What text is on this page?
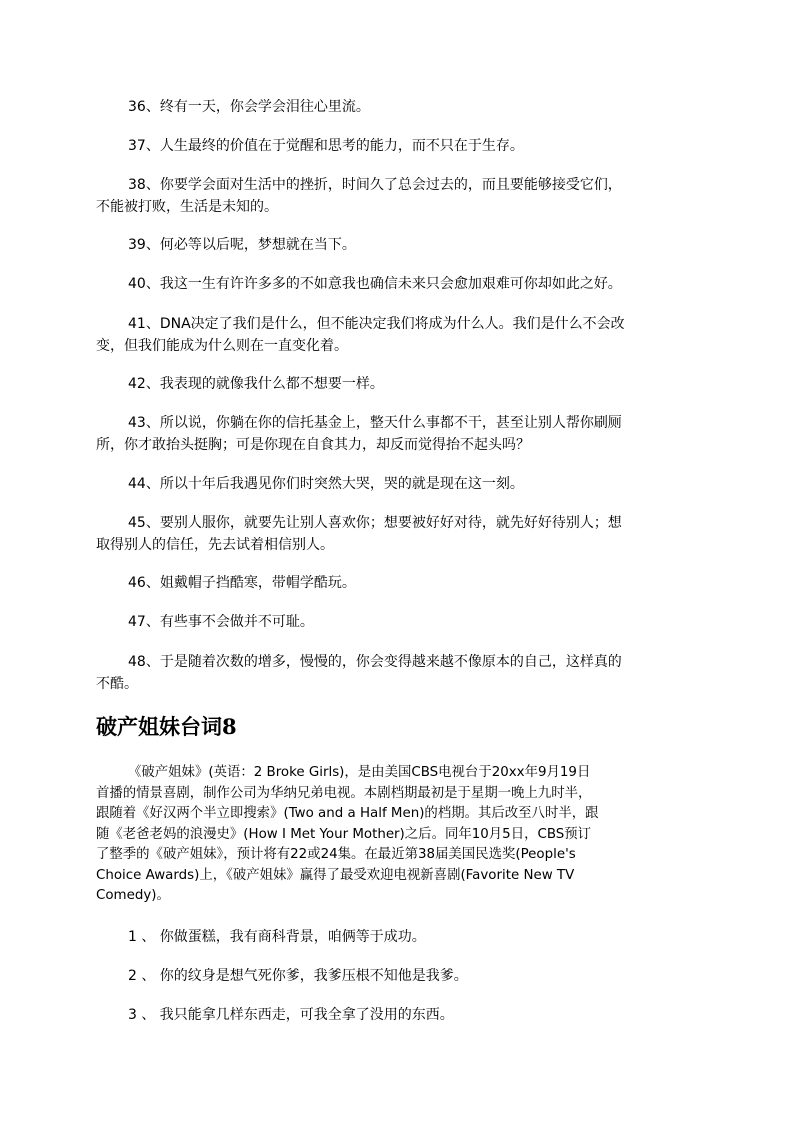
36、终有一天，你会学会泪往心里流。

37、人生最终的价值在于觉醒和思考的能力，而不只在于生存。

38、你要学会面对生活中的挫折，时间久了总会过去的，而且要能够接受它们，
不能被打败，生活是未知的。

39、何必等以后呢，梦想就在当下。

40、我这一生有许许多多的不如意我也确信未来只会愈加艰难可你却如此之好。

41、DNA决定了我们是什么，但不能决定我们将成为什么人。我们是什么不会改
变，但我们能成为什么则在一直变化着。

42、我表现的就像我什么都不想要一样。

43、所以说，你躺在你的信托基金上，整天什么事都不干，甚至让别人帮你刷厕
所，你才敢抬头挺胸；可是你现在自食其力，却反而觉得抬不起头吗？

44、所以十年后我遇见你们时突然大哭，哭的就是现在这一刻。

45、要别人服你，就要先让别人喜欢你；想要被好好对待，就先好好待别人；想
取得别人的信任，先去试着相信别人。

46、姐戴帽子挡酷寒，带帽学酷玩。

47、有些事不会做并不可耻。

48、于是随着次数的增多，慢慢的，你会变得越来越不像原本的自己，这样真的
不酷。

破产姐妹台词8
《破产姐妹》(英语：2 Broke Girls)，是由美国CBS电视台于20xx年9月19日
首播的情景喜剧，制作公司为华纳兄弟电视。本剧档期最初是于星期一晚上九时半，
跟随着《好汉两个半立即搜索》(Two and a Half Men)的档期。其后改至八时半，跟
随《老爸老妈的浪漫史》(How I Met Your Mother)之后。同年10月5日，CBS预订
了整季的《破产姐妹》，预计将有22或24集。在最近第38届美国民选奖(People's
Choice Awards)上，《破产姐妹》赢得了最受欢迎电视新喜剧(Favorite New TV
Comedy)。

1 、 你做蛋糕，我有商科背景，咱俩等于成功。

2 、 你的纹身是想气死你爹，我爹压根不知他是我爹。

3 、 我只能拿几样东西走，可我全拿了没用的东西。
